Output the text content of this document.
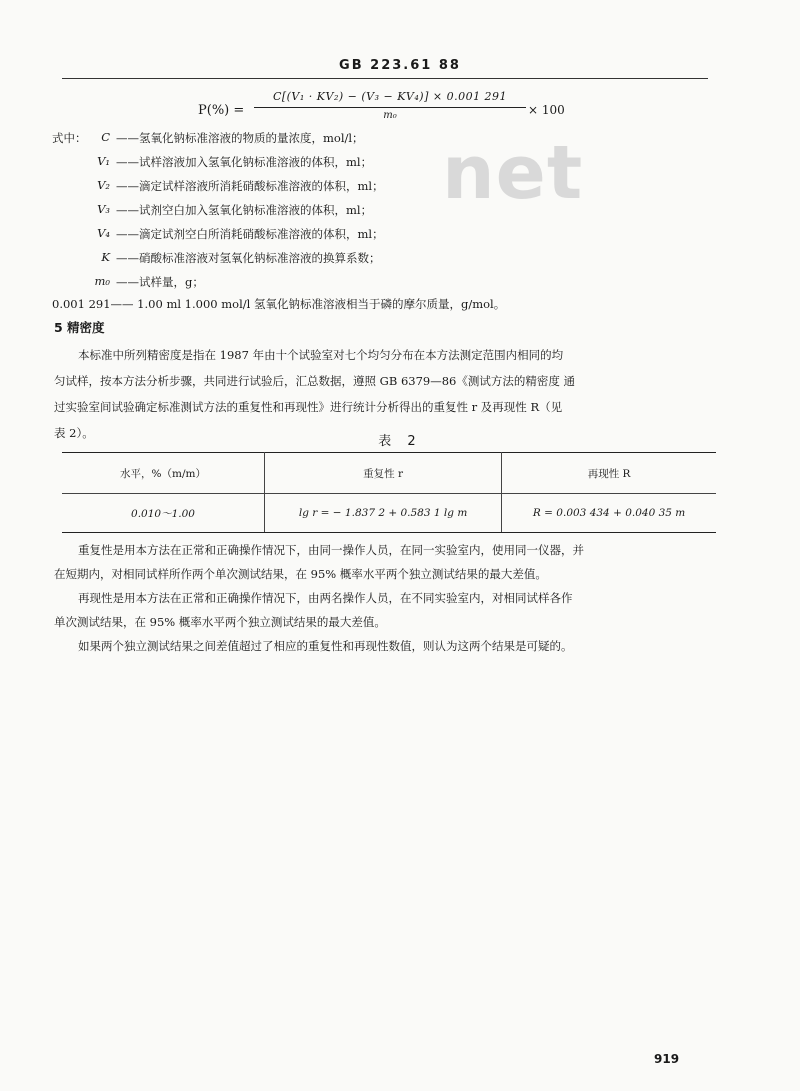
GB 223.61 88
net
P(%) =
C[(V₁ · KV₂) − (V₃ − KV₄)] × 0.001 291
m₀	× 100
式中：	C ——氢氧化钠标准溶液的物质的量浓度，mol/l；
V₁ ——试样溶液加入氢氧化钠标准溶液的体积，ml；
V₂ ——滴定试样溶液所消耗硝酸标准溶液的体积，ml；
V₃ ——试剂空白加入氢氧化钠标准溶液的体积，ml；
V₄ ——滴定试剂空白所消耗硝酸标准溶液的体积，ml；
K ——硝酸标准溶液对氢氧化钠标准溶液的换算系数；
m₀ ——试样量，g；
0.001 291—— 1.00 ml 1.000 mol/l 氢氧化钠标准溶液相当于磷的摩尔质量，g/mol。
5 精密度
本标准中所列精密度是指在 1987 年由十个试验室对七个均匀分布在本方法测定范围内相同的均
匀试样，按本方法分析步骤，共同进行试验后，汇总数据，遵照 GB 6379—86《测试方法的精密度 通
过实验室间试验确定标准测试方法的重复性和再现性》进行统计分析得出的重复性 r 及再现性 R（见
表 2）。
表 2
水平，%（m/m）	重复性 r	再现性 R
0.010～1.00	lg r = − 1.837 2 + 0.583 1 lg m	R = 0.003 434 + 0.040 35 m
重复性是用本方法在正常和正确操作情况下，由同一操作人员，在同一实验室内，使用同一仪器，并
在短期内，对相同试样所作两个单次测试结果，在 95% 概率水平两个独立测试结果的最大差值。
再现性是用本方法在正常和正确操作情况下，由两名操作人员，在不同实验室内，对相同试样各作
单次测试结果，在 95% 概率水平两个独立测试结果的最大差值。
如果两个独立测试结果之间差值超过了相应的重复性和再现性数值，则认为这两个结果是可疑的。
919
